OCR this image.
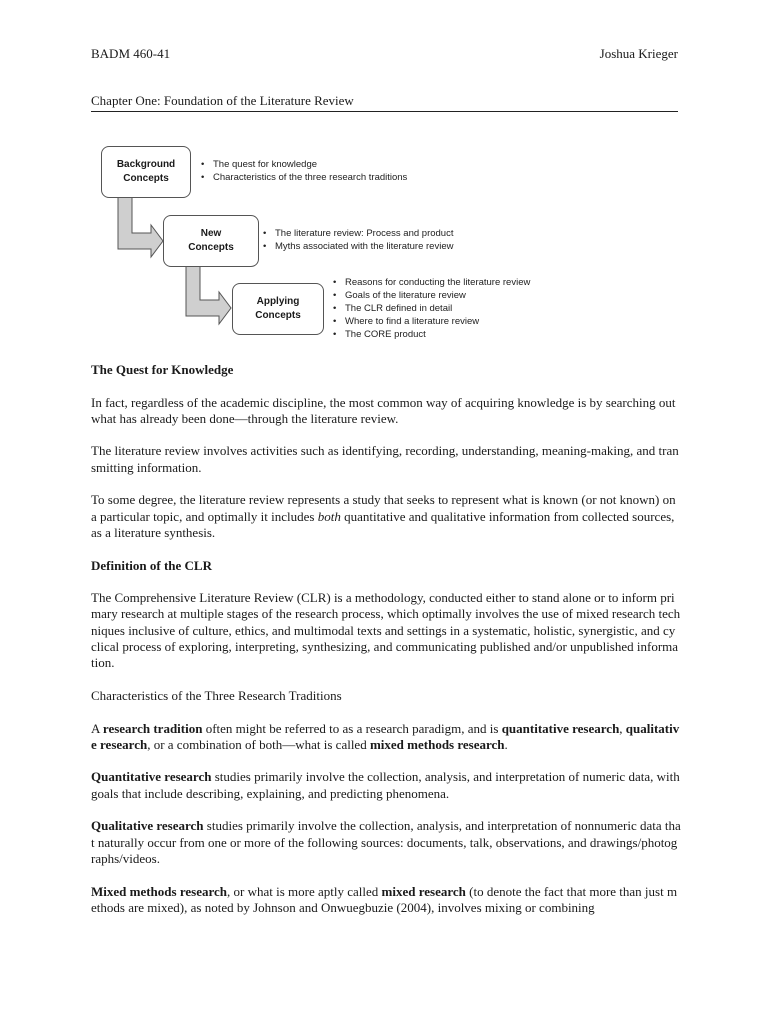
BADM 460-41	Joshua Krieger
Chapter One: Foundation of the Literature Review
Background
Concepts
New
Concepts
Applying
Concepts
• The quest for knowledge
• Characteristics of the three research traditions
• The literature review: Process and product
• Myths associated with the literature review
• Reasons for conducting the literature review
• Goals of the literature review
• The CLR defined in detail
• Where to find a literature review
• The CORE product
The Quest for Knowledge

In fact, regardless of the academic discipline, the most common way of acquiring knowledge is by searching out what has already been done—through the literature review.

The literature review involves activities such as identifying, recording, understanding, meaning-making, and transmitting information.

To some degree, the literature review represents a study that seeks to represent what is known (or not known) on a particular topic, and optimally it includes both quantitative and qualitative information from collected sources, as a literature synthesis.

Definition of the CLR

The Comprehensive Literature Review (CLR) is a methodology, conducted either to stand alone or to inform primary research at multiple stages of the research process, which optimally involves the use of mixed research techniques inclusive of culture, ethics, and multimodal texts and settings in a systematic, holistic, synergistic, and cyclical process of exploring, interpreting, synthesizing, and communicating published and/or unpublished information.

Characteristics of the Three Research Traditions

A research tradition often might be referred to as a research paradigm, and is quantitative research, qualitative research, or a combination of both—what is called mixed methods research.

Quantitative research studies primarily involve the collection, analysis, and interpretation of numeric data, with goals that include describing, explaining, and predicting phenomena.

Qualitative research studies primarily involve the collection, analysis, and interpretation of nonnumeric data that naturally occur from one or more of the following sources: documents, talk, observations, and drawings/photographs/videos.

Mixed methods research, or what is more aptly called mixed research (to denote the fact that more than just methods are mixed), as noted by Johnson and Onwuegbuzie (2004), involves mixing or combining
